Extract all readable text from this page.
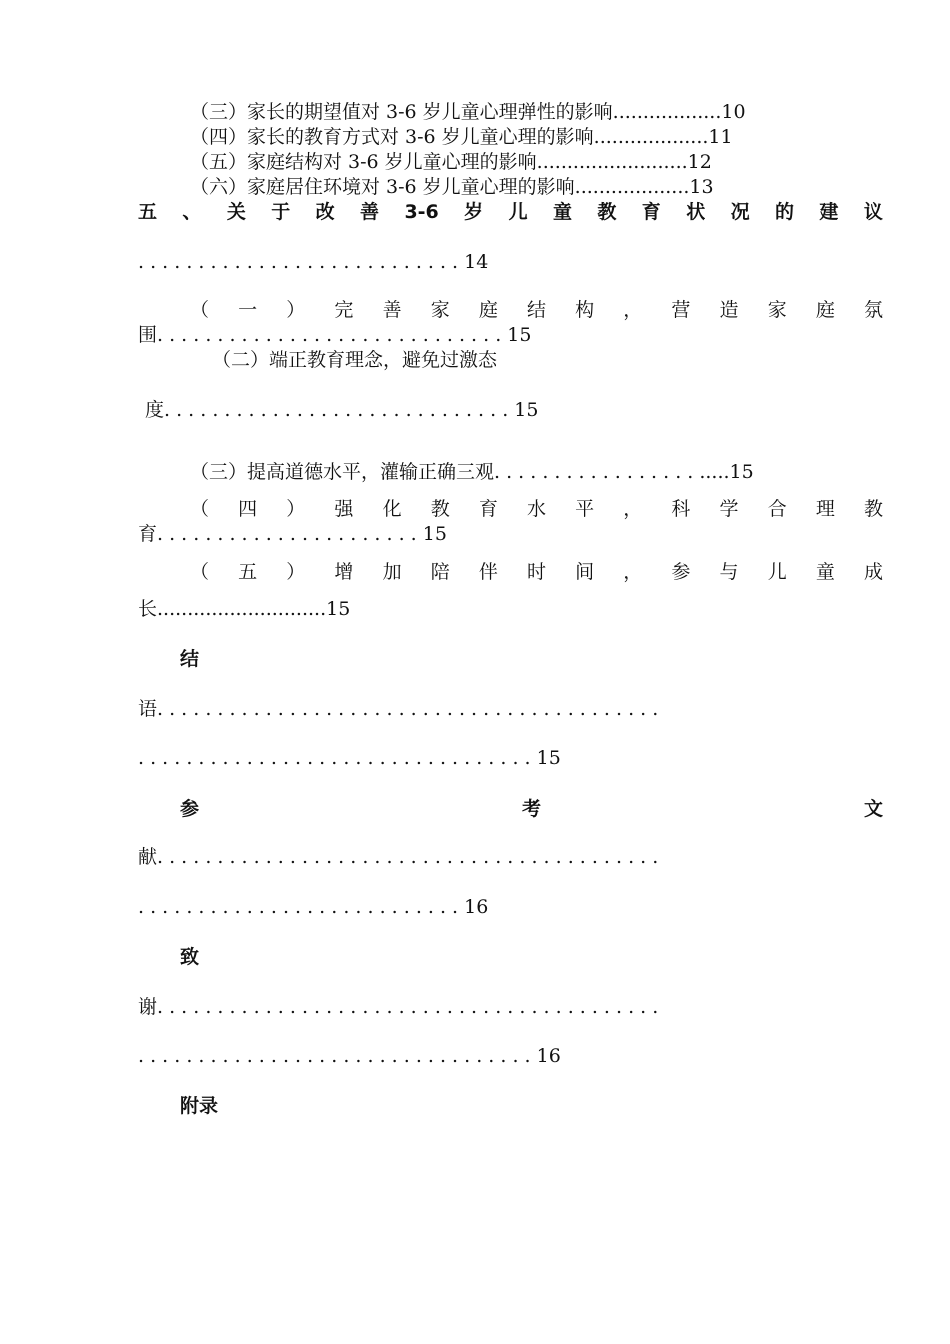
（三）家长的期望值对 3-6 岁儿童心理弹性的影响..................10
（四）家长的教育方式对 3-6 岁儿童心理的影响...................11
（五）家庭结构对 3-6 岁儿童心理的影响.........................12
（六）家庭居住环境对 3-6 岁儿童心理的影响...................13
五 、 关 于 改 善 3-6 岁 儿 童 教 育 状 况 的 建 议
. . . . . . . . . . . . . . . . . . . . . . . . . . . 14
（ 一 ） 完 善 家 庭 结 构 ， 营 造 家 庭 氛
围. . . . . . . . . . . . . . . . . . . . . . . . . . . . . 15
（二）端正教育理念，避免过激态
度. . . . . . . . . . . . . . . . . . . . . . . . . . . . . 15
（三）提高道德水平，灌输正确三观. . . . . . . . . . . . . . . . . .....15
（ 四 ） 强 化 教 育 水 平 ， 科 学 合 理 教
育. . . . . . . . . . . . . . . . . . . . . . 15
（ 五 ） 增 加 陪 伴 时 间 ， 参 与 儿 童 成
长............................15
结
语. . . . . . . . . . . . . . . . . . . . . . . . . . . . . . . . . . . . . . . . . .
. . . . . . . . . . . . . . . . . . . . . . . . . . . . . . . . . 15
参	考	文
献. . . . . . . . . . . . . . . . . . . . . . . . . . . . . . . . . . . . . . . . . .
. . . . . . . . . . . . . . . . . . . . . . . . . . . 16
致
谢. . . . . . . . . . . . . . . . . . . . . . . . . . . . . . . . . . . . . . . . . .
. . . . . . . . . . . . . . . . . . . . . . . . . . . . . . . . . 16
附录
